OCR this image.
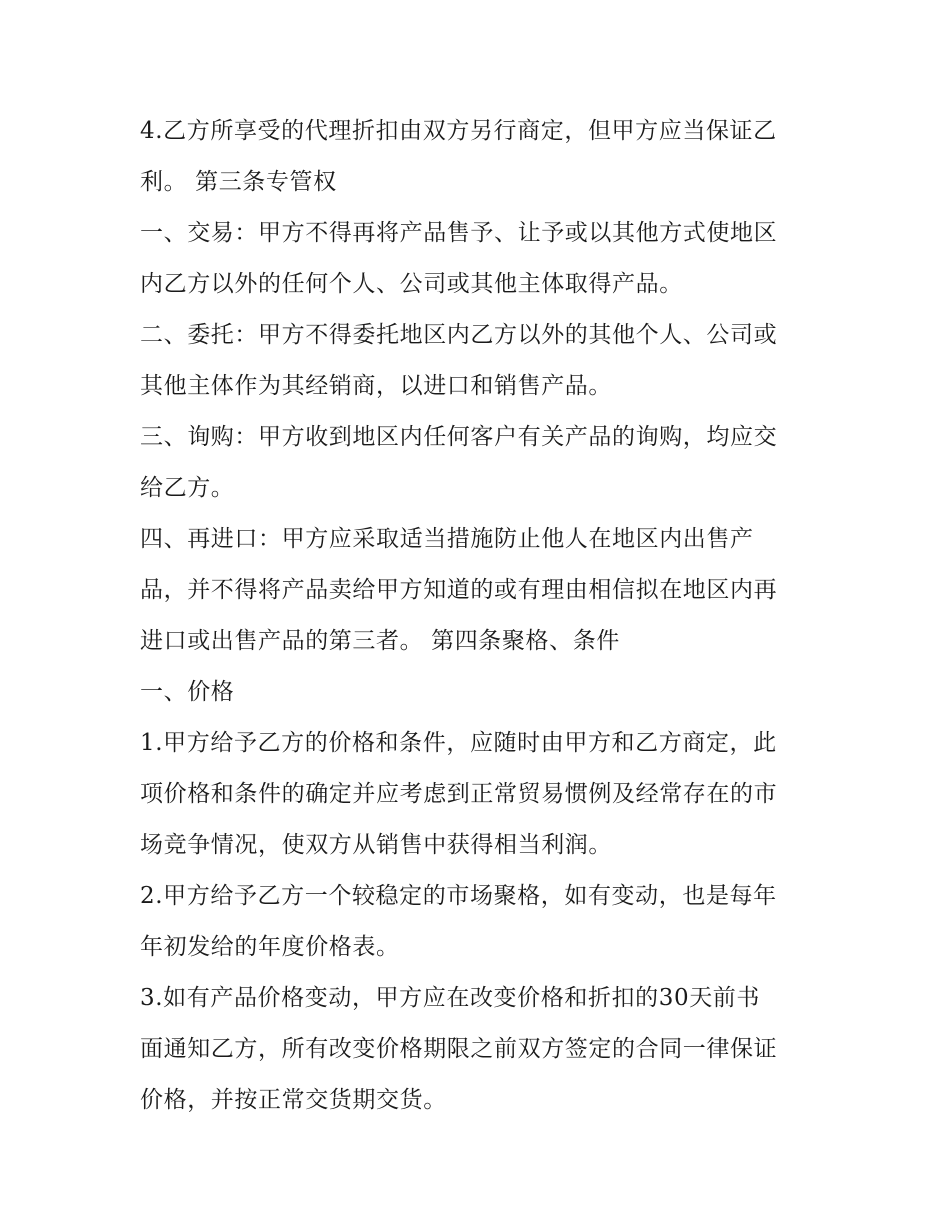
4.乙方所享受的代理折扣由双方另行商定，但甲方应当保证乙
利。 第三条专管权
一、交易：甲方不得再将产品售予、让予或以其他方式使地区
内乙方以外的任何个人、公司或其他主体取得产品。
二、委托：甲方不得委托地区内乙方以外的其他个人、公司或
其他主体作为其经销商，以进口和销售产品。
三、询购：甲方收到地区内任何客户有关产品的询购，均应交
给乙方。
四、再进口：甲方应采取适当措施防止他人在地区内出售产
品，并不得将产品卖给甲方知道的或有理由相信拟在地区内再
进口或出售产品的第三者。 第四条聚格、条件
一、价格
1.甲方给予乙方的价格和条件，应随时由甲方和乙方商定，此
项价格和条件的确定并应考虑到正常贸易惯例及经常存在的市
场竞争情况，使双方从销售中获得相当利润。
2.甲方给予乙方一个较稳定的市场聚格，如有变动，也是每年
年初发给的年度价格表。
3.如有产品价格变动，甲方应在改变价格和折扣的30天前书
面通知乙方，所有改变价格期限之前双方签定的合同一律保证
价格，并按正常交货期交货。
